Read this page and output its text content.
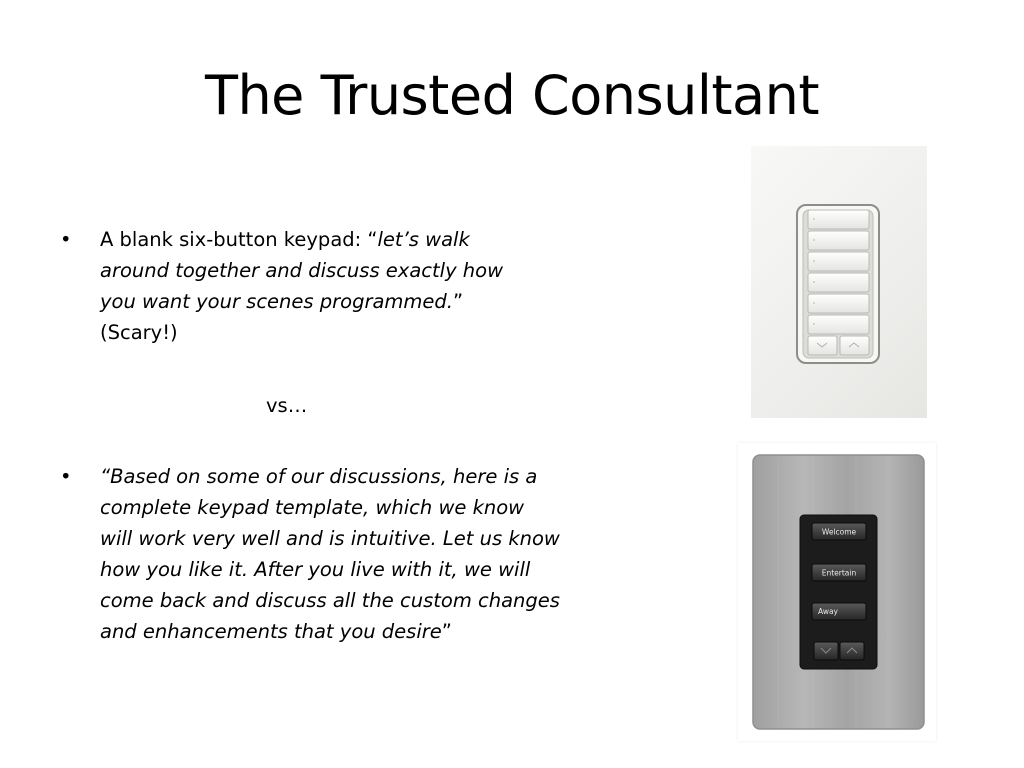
The Trusted Consultant
• A blank six-button keypad: “let’s walk around together and discuss exactly how you want your scenes programmed.” (Scary!)
vs…
• “Based on some of our discussions, here is a complete keypad template, which we know will work very well and is intuitive. Let us know how you like it. After you live with it, we will come back and discuss all the custom changes and enhancements that you desire”
Welcome
Entertain
Away
